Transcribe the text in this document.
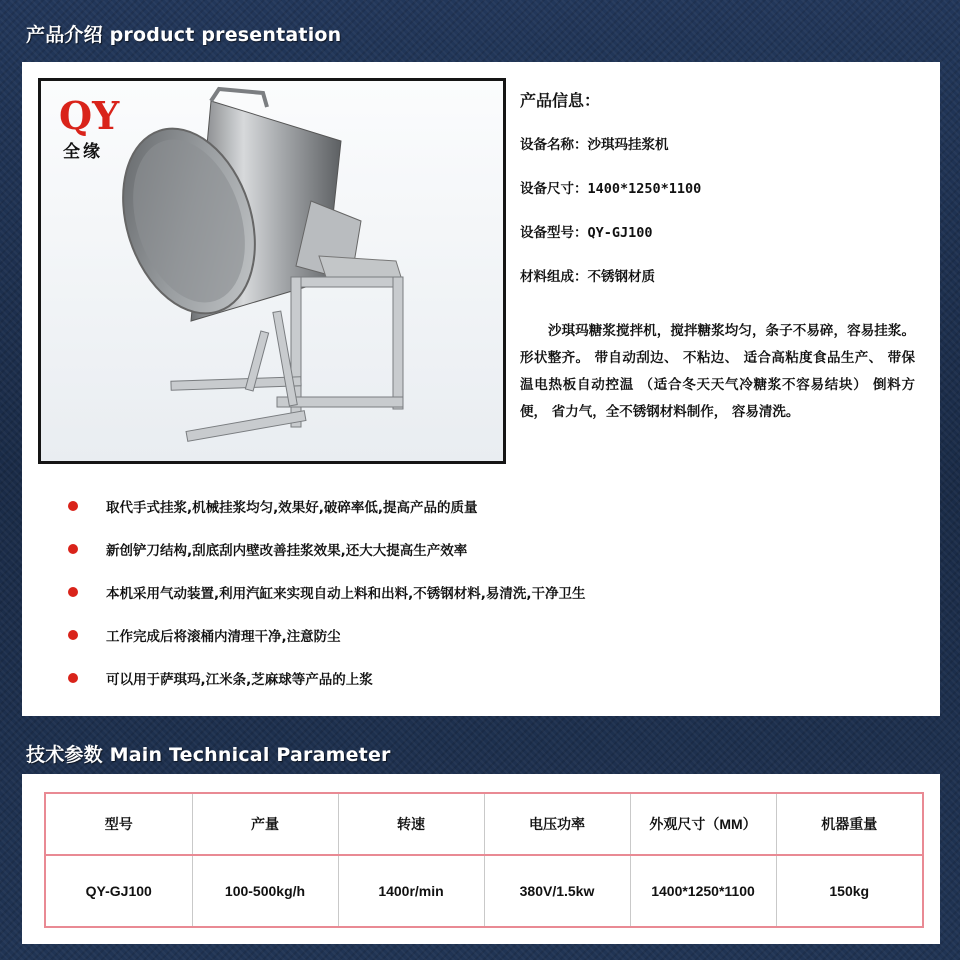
产品介绍 product presentation
QY
全缘
产品信息：
设备名称：沙琪玛挂浆机
设备尺寸：1400*1250*1100
设备型号：QY-GJ100
材料组成：不锈钢材质
沙琪玛糖浆搅拌机，搅拌糖浆均匀，条子不易碎，容易挂浆。 形状整齐。 带自动刮边、 不粘边、 适合高粘度食品生产、 带保温电热板自动控温 （适合冬天天气冷糖浆不容易结块） 倒料方便， 省力气，全不锈钢材料制作， 容易清洗。
取代手式挂浆,机械挂浆均匀,效果好,破碎率低,提高产品的质量
新创铲刀结构,刮底刮内壁改善挂浆效果,还大大提高生产效率
本机采用气动装置,利用汽缸来实现自动上料和出料,不锈钢材料,易清洗,干净卫生
工作完成后将滚桶内清理干净,注意防尘
可以用于萨琪玛,江米条,芝麻球等产品的上浆
技术参数 Main Technical Parameter
型号	产量	转速	电压功率	外观尺寸（MM）	机器重量
QY-GJ100	100-500kg/h	1400r/min	380V/1.5kw	1400*1250*1100	150kg
